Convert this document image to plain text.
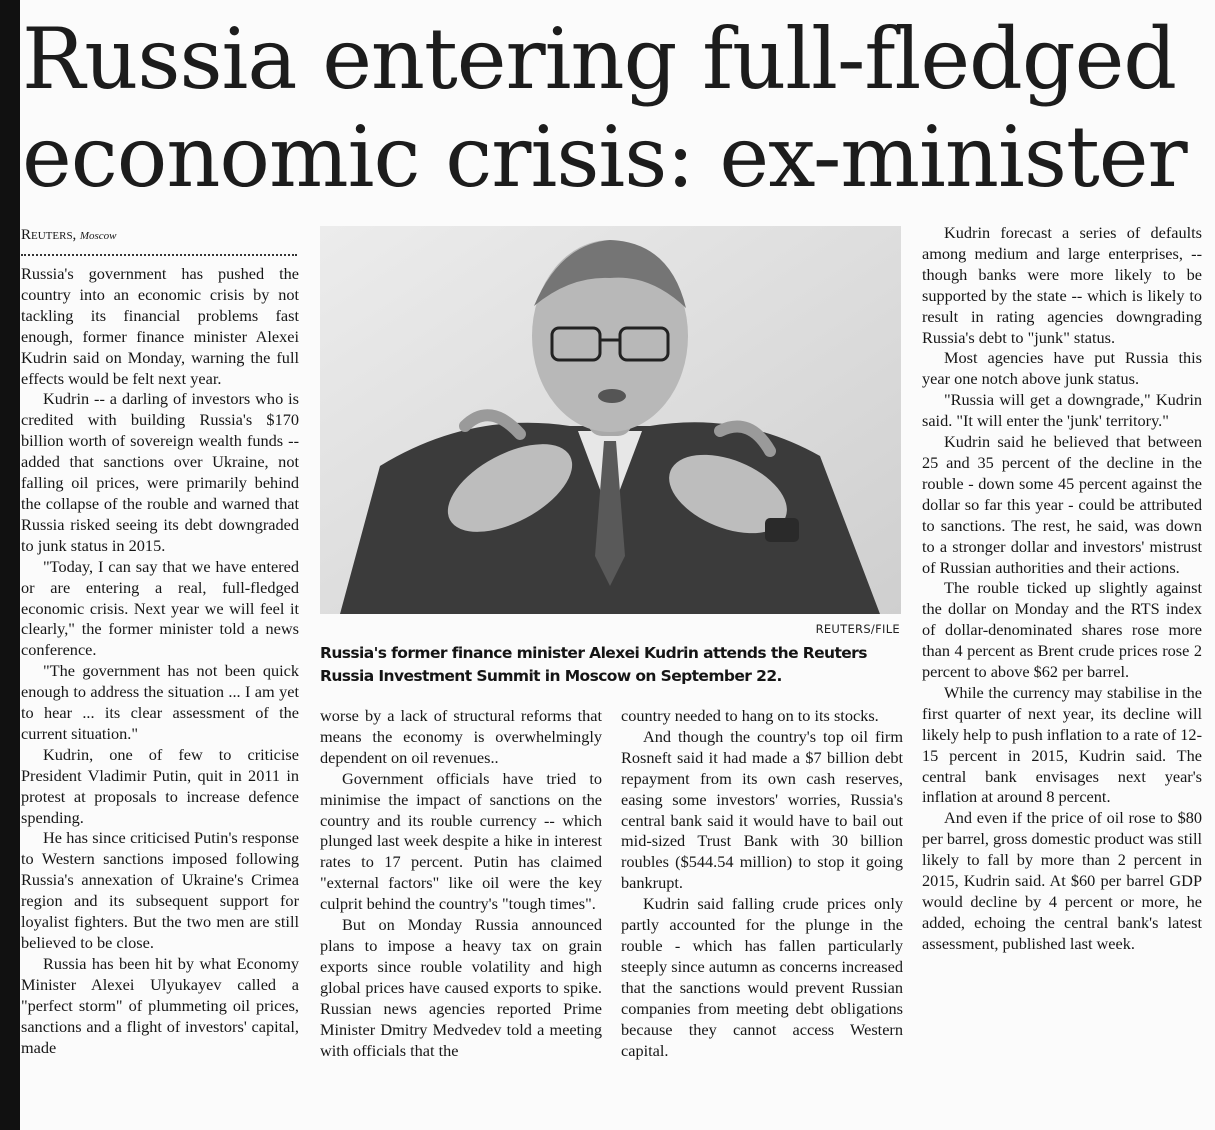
Russia entering full-fledged
economic crisis: ex-minister
Reuters, Moscow

Russia's government has pushed the country into an economic crisis by not tackling its financial problems fast enough, former finance minister Alexei Kudrin said on Monday, warning the full effects would be felt next year.

Kudrin -- a darling of investors who is credited with building Russia's $170 billion worth of sovereign wealth funds -- added that sanctions over Ukraine, not falling oil prices, were primarily behind the collapse of the rouble and warned that Russia risked seeing its debt downgraded to junk status in 2015.

"Today, I can say that we have entered or are entering a real, full-fledged economic crisis. Next year we will feel it clearly," the former minister told a news conference.

"The government has not been quick enough to address the situation ... I am yet to hear ... its clear assessment of the current situation."

Kudrin, one of few to criticise President Vladimir Putin, quit in 2011 in protest at proposals to increase defence spending.

He has since criticised Putin's response to Western sanctions imposed following Russia's annexation of Ukraine's Crimea region and its subsequent support for loyalist fighters. But the two men are still believed to be close.

Russia has been hit by what Economy Minister Alexei Ulyukayev called a "perfect storm" of plummeting oil prices, sanctions and a flight of investors' capital, made

REUTERS/FILE

Russia's former finance minister Alexei Kudrin attends the Reuters Russia Investment Summit in Moscow on September 22.

worse by a lack of structural reforms that means the economy is overwhelmingly dependent on oil revenues..

Government officials have tried to minimise the impact of sanctions on the country and its rouble currency -- which plunged last week despite a hike in interest rates to 17 percent. Putin has claimed "external factors" like oil were the key culprit behind the country's "tough times".

But on Monday Russia announced plans to impose a heavy tax on grain exports since rouble volatility and high global prices have caused exports to spike. Russian news agencies reported Prime Minister Dmitry Medvedev told a meeting with officials that the

country needed to hang on to its stocks.

And though the country's top oil firm Rosneft said it had made a $7 billion debt repayment from its own cash reserves, easing some investors' worries, Russia's central bank said it would have to bail out mid-sized Trust Bank with 30 billion roubles ($544.54 million) to stop it going bankrupt.

Kudrin said falling crude prices only partly accounted for the plunge in the rouble - which has fallen particularly steeply since autumn as concerns increased that the sanctions would prevent Russian companies from meeting debt obligations because they cannot access Western capital.

Kudrin forecast a series of defaults among medium and large enterprises, -- though banks were more likely to be supported by the state -- which is likely to result in rating agencies downgrading Russia's debt to "junk" status.

Most agencies have put Russia this year one notch above junk status.

"Russia will get a downgrade," Kudrin said. "It will enter the 'junk' territory."

Kudrin said he believed that between 25 and 35 percent of the decline in the rouble - down some 45 percent against the dollar so far this year - could be attributed to sanctions. The rest, he said, was down to a stronger dollar and investors' mistrust of Russian authorities and their actions.

The rouble ticked up slightly against the dollar on Monday and the RTS index of dollar-denominated shares rose more than 4 percent as Brent crude prices rose 2 percent to above $62 per barrel.

While the currency may stabilise in the first quarter of next year, its decline will likely help to push inflation to a rate of 12-15 percent in 2015, Kudrin said. The central bank envisages next year's inflation at around 8 percent.

And even if the price of oil rose to $80 per barrel, gross domestic product was still likely to fall by more than 2 percent in 2015, Kudrin said. At $60 per barrel GDP would decline by 4 percent or more, he added, echoing the central bank's latest assessment, published last week.
